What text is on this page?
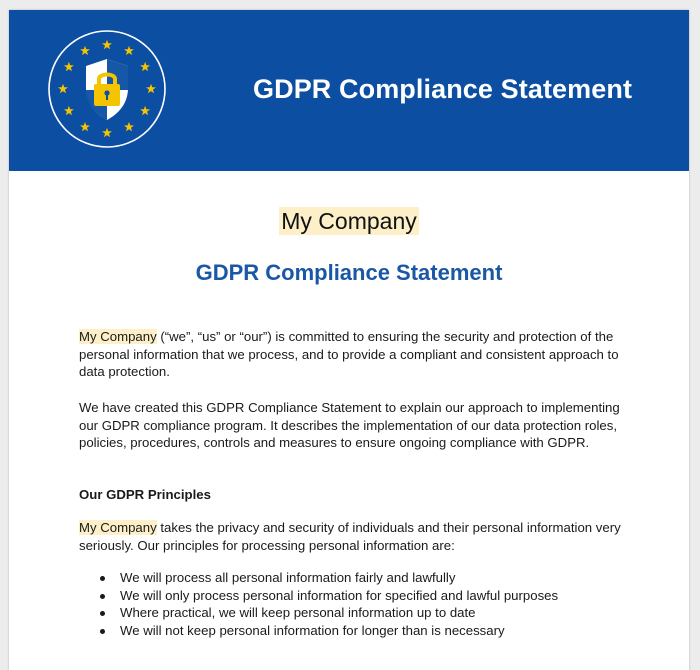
GDPR Compliance Statement
My Company
GDPR Compliance Statement
My Company (“we”, “us” or “our”) is committed to ensuring the security and protection of the personal information that we process, and to provide a compliant and consistent approach to data protection.
We have created this GDPR Compliance Statement to explain our approach to implementing our GDPR compliance program. It describes the implementation of our data protection roles, policies, procedures, controls and measures to ensure ongoing compliance with GDPR.
Our GDPR Principles
My Company takes the privacy and security of individuals and their personal information very seriously. Our principles for processing personal information are:
We will process all personal information fairly and lawfully
We will only process personal information for specified and lawful purposes
Where practical, we will keep personal information up to date
We will not keep personal information for longer than is necessary
